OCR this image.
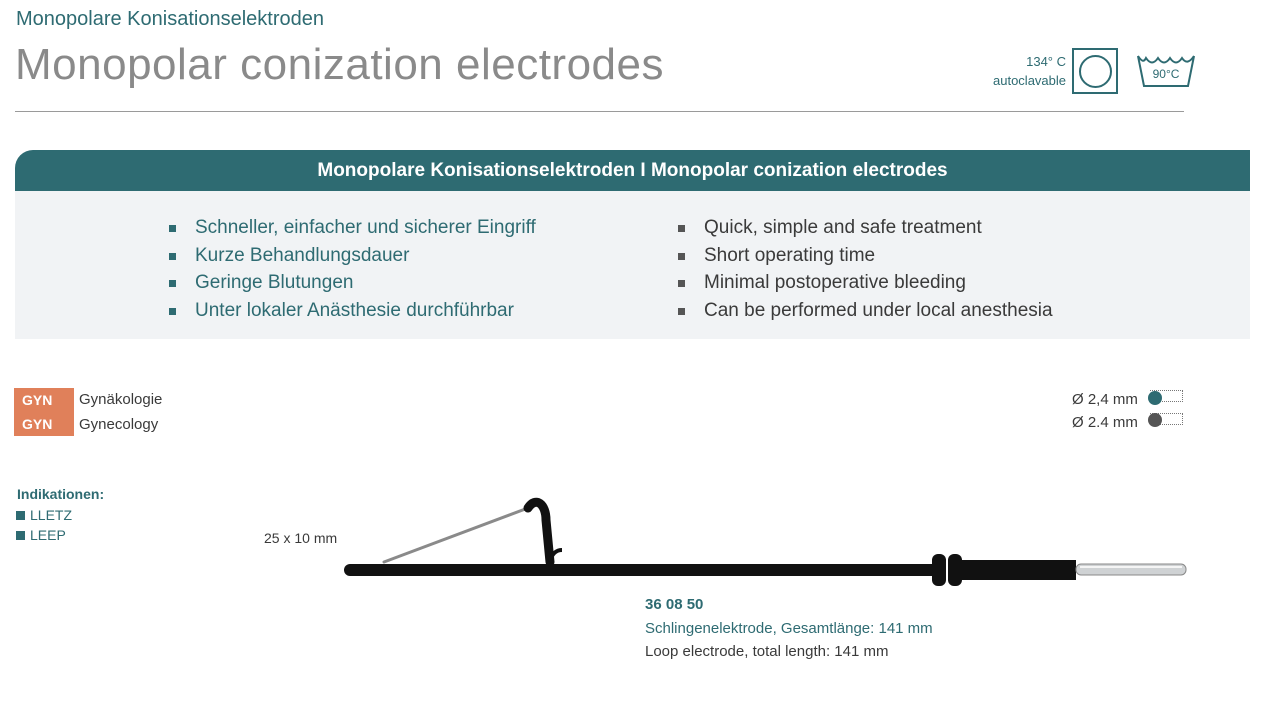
Monopolare Konisationselektroden
Monopolar conization electrodes	134° C
autoclavable	90°C
Monopolare Konisationselektroden I Monopolar conization electrodes
Schneller, einfacher und sicherer Eingriff
Kurze Behandlungsdauer
Geringe Blutungen
Unter lokaler Anästhesie durchführbar
Quick, simple and safe treatment
Short operating time
Minimal postoperative bleeding
Can be performed under local anesthesia
GYN	Gynäkologie
GYN	Gynecology
Ø 2,4 mm
Ø 2.4 mm
Indikationen:
LLETZ
LEEP	25 x 10 mm
36 08 50
Schlingenelektrode, Gesamtlänge: 141 mm
Loop electrode, total length: 141 mm
